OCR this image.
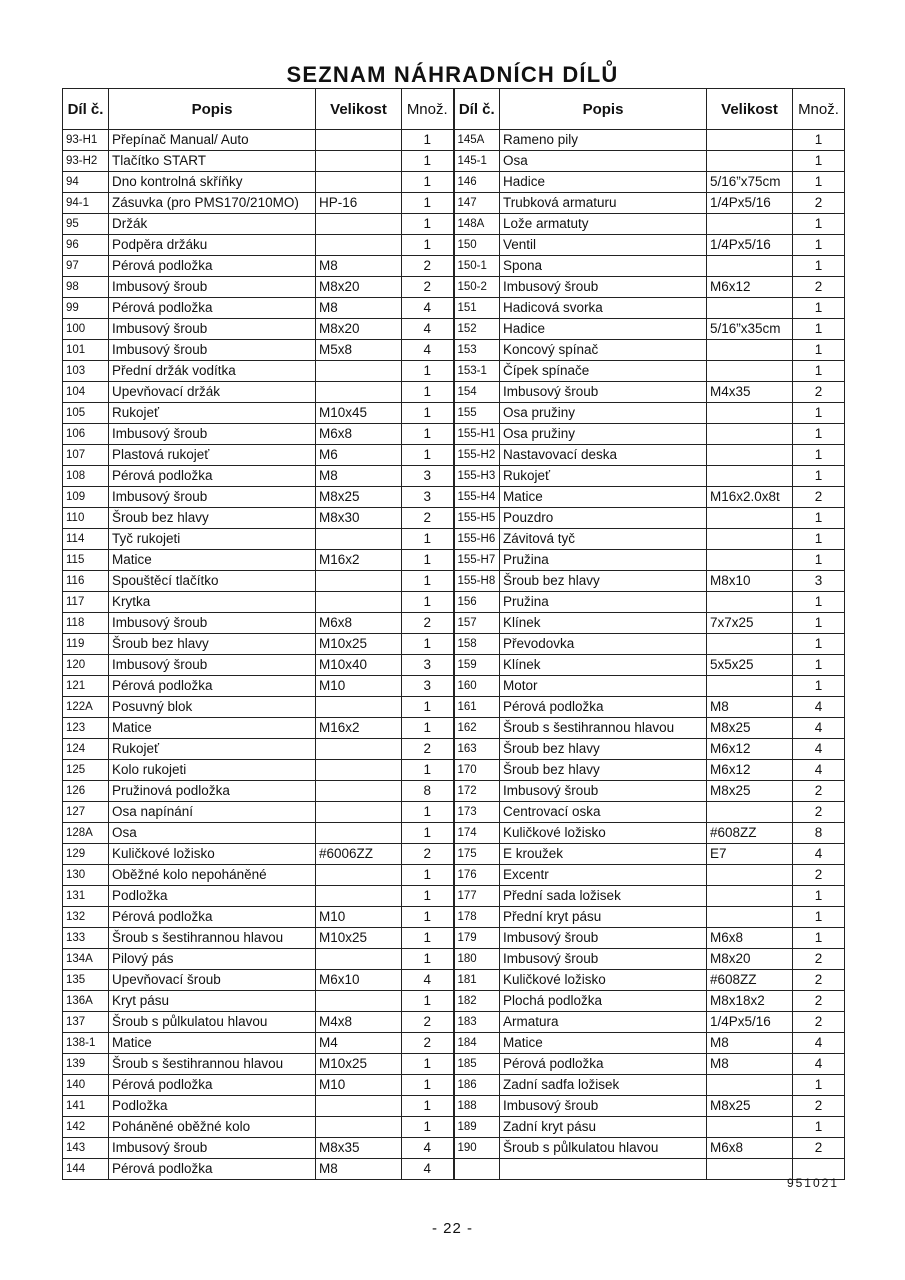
SEZNAM NÁHRADNÍCH DÍLŮ
Díl č.	Popis	Velikost	Množ.	Díl č.	Popis	Velikost	Množ.
93-H1	Přepínač Manual/ Auto		1	145A	Rameno pily		1
93-H2	Tlačítko START		1	145-1	Osa		1
94	Dno kontrolná skříňky		1	146	Hadice	5/16”x75cm	1
94-1	Zásuvka (pro PMS170/210MO)	HP-16	1	147	Trubková armaturu	1/4Px5/16	2
95	Držák		1	148A	Lože armatuty		1
96	Podpěra držáku		1	150	Ventil	1/4Px5/16	1
97	Pérová podložka	M8	2	150-1	Spona		1
98	Imbusový šroub	M8x20	2	150-2	Imbusový šroub	M6x12	2
99	Pérová podložka	M8	4	151	Hadicová svorka		1
100	Imbusový šroub	M8x20	4	152	Hadice	5/16”x35cm	1
101	Imbusový šroub	M5x8	4	153	Koncový spínač		1
103	Přední držák vodítka		1	153-1	Čípek spínače		1
104	Upevňovací držák		1	154	Imbusový šroub	M4x35	2
105	Rukojeť	M10x45	1	155	Osa pružiny		1
106	Imbusový šroub	M6x8	1	155-H1	Osa pružiny		1
107	Plastová rukojeť	M6	1	155-H2	Nastavovací deska		1
108	Pérová podložka	M8	3	155-H3	Rukojeť		1
109	Imbusový šroub	M8x25	3	155-H4	Matice	M16x2.0x8t	2
110	Šroub bez hlavy	M8x30	2	155-H5	Pouzdro		1
114	Tyč rukojeti		1	155-H6	Závitová tyč		1
115	Matice	M16x2	1	155-H7	Pružina		1
116	Spouštěcí tlačítko		1	155-H8	Šroub bez hlavy	M8x10	3
117	Krytka		1	156	Pružina		1
118	Imbusový šroub	M6x8	2	157	Klínek	7x7x25	1
119	Šroub bez hlavy	M10x25	1	158	Převodovka		1
120	Imbusový šroub	M10x40	3	159	Klínek	5x5x25	1
121	Pérová podložka	M10	3	160	Motor		1
122A	Posuvný blok		1	161	Pérová podložka	M8	4
123	Matice	M16x2	1	162	Šroub s šestihrannou hlavou	M8x25	4
124	Rukojeť		2	163	Šroub bez hlavy	M6x12	4
125	Kolo rukojeti		1	170	Šroub bez hlavy	M6x12	4
126	Pružinová podložka		8	172	Imbusový šroub	M8x25	2
127	Osa napínání		1	173	Centrovací oska		2
128A	Osa		1	174	Kuličkové ložisko	#608ZZ	8
129	Kuličkové ložisko	#6006ZZ	2	175	E kroužek	E7	4
130	Oběžné kolo nepoháněné		1	176	Excentr		2
131	Podložka		1	177	Přední sada ložisek		1
132	Pérová podložka	M10	1	178	Přední kryt pásu		1
133	Šroub s šestihrannou hlavou	M10x25	1	179	Imbusový šroub	M6x8	1
134A	Pilový pás		1	180	Imbusový šroub	M8x20	2
135	Upevňovací šroub	M6x10	4	181	Kuličkové ložisko	#608ZZ	2
136A	Kryt pásu		1	182	Plochá podložka	M8x18x2	2
137	Šroub s půlkulatou hlavou	M4x8	2	183	Armatura	1/4Px5/16	2
138-1	Matice	M4	2	184	Matice	M8	4
139	Šroub s šestihrannou hlavou	M10x25	1	185	Pérová podložka	M8	4
140	Pérová podložka	M10	1	186	Zadní sadfa ložisek		1
141	Podložka		1	188	Imbusový šroub	M8x25	2
142	Poháněné oběžné kolo		1	189	Zadní kryt pásu		1
143	Imbusový šroub	M8x35	4	190	Šroub s půlkulatou hlavou	M6x8	2
144	Pérová podložka	M8	4				
951021
- 22 -
